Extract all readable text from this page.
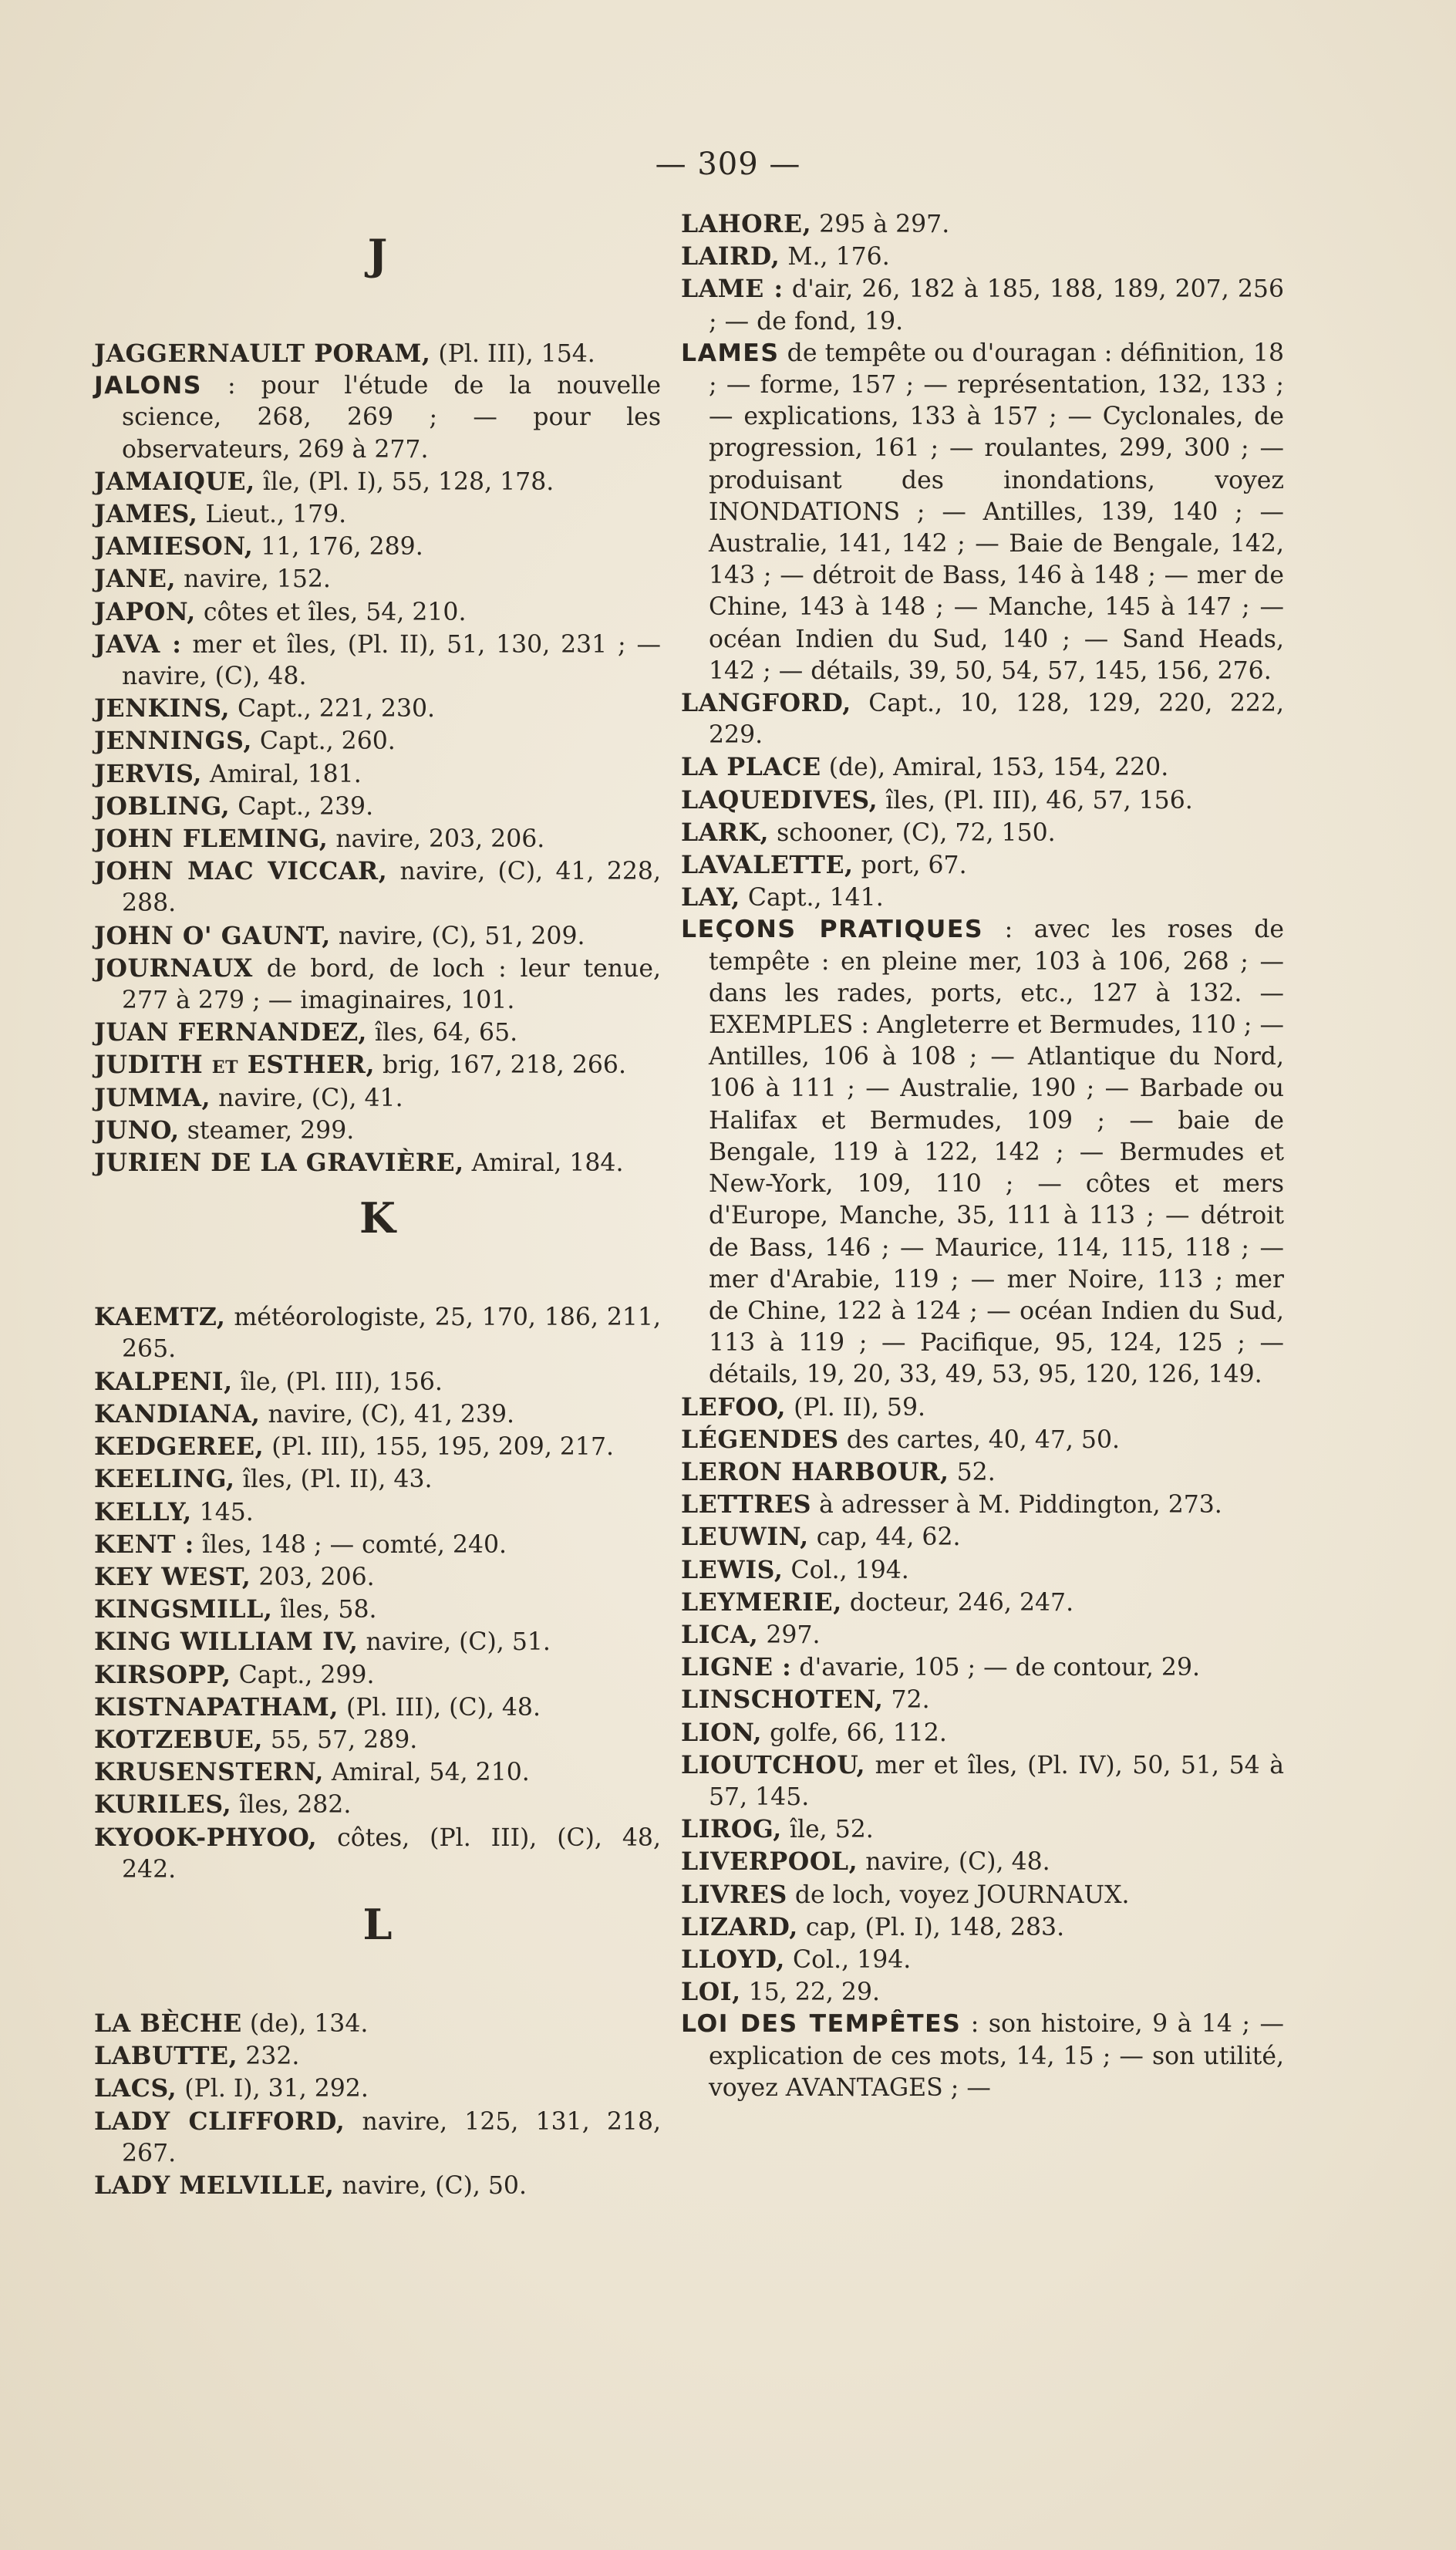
— 309 —
J

JAGGERNAULT PORAM, (Pl. III), 154.

JALONS : pour l'étude de la nouvelle science, 268, 269 ; — pour les observateurs, 269 à 277.

JAMAIQUE, île, (Pl. I), 55, 128, 178.

JAMES, Lieut., 179.

JAMIESON, 11, 176, 289.

JANE, navire, 152.

JAPON, côtes et îles, 54, 210.

JAVA : mer et îles, (Pl. II), 51, 130, 231 ; — navire, (C), 48.

JENKINS, Capt., 221, 230.

JENNINGS, Capt., 260.

JERVIS, Amiral, 181.

JOBLING, Capt., 239.

JOHN FLEMING, navire, 203, 206.

JOHN MAC VICCAR, navire, (C), 41, 228, 288.

JOHN O' GAUNT, navire, (C), 51, 209.

JOURNAUX de bord, de loch : leur tenue, 277 à 279 ; — imaginaires, 101.

JUAN FERNANDEZ, îles, 64, 65.

JUDITH et ESTHER, brig, 167, 218, 266.

JUMMA, navire, (C), 41.

JUNO, steamer, 299.

JURIEN DE LA GRAVIÈRE, Amiral, 184.

K

KAEMTZ, météorologiste, 25, 170, 186, 211, 265.

KALPENI, île, (Pl. III), 156.

KANDIANA, navire, (C), 41, 239.

KEDGEREE, (Pl. III), 155, 195, 209, 217.

KEELING, îles, (Pl. II), 43.

KELLY, 145.

KENT : îles, 148 ; — comté, 240.

KEY WEST, 203, 206.

KINGSMILL, îles, 58.

KING WILLIAM IV, navire, (C), 51.

KIRSOPP, Capt., 299.

KISTNAPATHAM, (Pl. III), (C), 48.

KOTZEBUE, 55, 57, 289.

KRUSENSTERN, Amiral, 54, 210.

KURILES, îles, 282.

KYOOK-PHYOO, côtes, (Pl. III), (C), 48, 242.

L

LA BÈCHE (de), 134.

LABUTTE, 232.

LACS, (Pl. I), 31, 292.

LADY CLIFFORD, navire, 125, 131, 218, 267.

LADY MELVILLE, navire, (C), 50.

LAHORE, 295 à 297.

LAIRD, M., 176.

LAME : d'air, 26, 182 à 185, 188, 189, 207, 256 ; — de fond, 19.

LAMES de tempête ou d'ouragan : définition, 18 ; — forme, 157 ; — représentation, 132, 133 ; — explications, 133 à 157 ; — Cyclonales, de progression, 161 ; — roulantes, 299, 300 ; — produisant des inondations, voyez INONDATIONS ; — Antilles, 139, 140 ; — Australie, 141, 142 ; — Baie de Bengale, 142, 143 ; — détroit de Bass, 146 à 148 ; — mer de Chine, 143 à 148 ; — Manche, 145 à 147 ; — océan Indien du Sud, 140 ; — Sand Heads, 142 ; — détails, 39, 50, 54, 57, 145, 156, 276.

LANGFORD, Capt., 10, 128, 129, 220, 222, 229.

LA PLACE (de), Amiral, 153, 154, 220.

LAQUEDIVES, îles, (Pl. III), 46, 57, 156.

LARK, schooner, (C), 72, 150.

LAVALETTE, port, 67.

LAY, Capt., 141.

LEÇONS PRATIQUES : avec les roses de tempête : en pleine mer, 103 à 106, 268 ; — dans les rades, ports, etc., 127 à 132. — EXEMPLES : Angleterre et Bermudes, 110 ; — Antilles, 106 à 108 ; — Atlantique du Nord, 106 à 111 ; — Australie, 190 ; — Barbade ou Halifax et Bermudes, 109 ; — baie de Bengale, 119 à 122, 142 ; — Bermudes et New-York, 109, 110 ; — côtes et mers d'Europe, Manche, 35, 111 à 113 ; — détroit de Bass, 146 ; — Maurice, 114, 115, 118 ; — mer d'Arabie, 119 ; — mer Noire, 113 ; mer de Chine, 122 à 124 ; — océan Indien du Sud, 113 à 119 ; — Pacifique, 95, 124, 125 ; — détails, 19, 20, 33, 49, 53, 95, 120, 126, 149.

LEFOO, (Pl. II), 59.

LÉGENDES des cartes, 40, 47, 50.

LERON HARBOUR, 52.

LETTRES à adresser à M. Piddington, 273.

LEUWIN, cap, 44, 62.

LEWIS, Col., 194.

LEYMERIE, docteur, 246, 247.

LICA, 297.

LIGNE : d'avarie, 105 ; — de contour, 29.

LINSCHOTEN, 72.

LION, golfe, 66, 112.

LIOUTCHOU, mer et îles, (Pl. IV), 50, 51, 54 à 57, 145.

LIROG, île, 52.

LIVERPOOL, navire, (C), 48.

LIVRES de loch, voyez JOURNAUX.

LIZARD, cap, (Pl. I), 148, 283.

LLOYD, Col., 194.

LOI, 15, 22, 29.

LOI DES TEMPÊTES : son histoire, 9 à 14 ; — explication de ces mots, 14, 15 ; — son utilité, voyez AVANTAGES ; —
